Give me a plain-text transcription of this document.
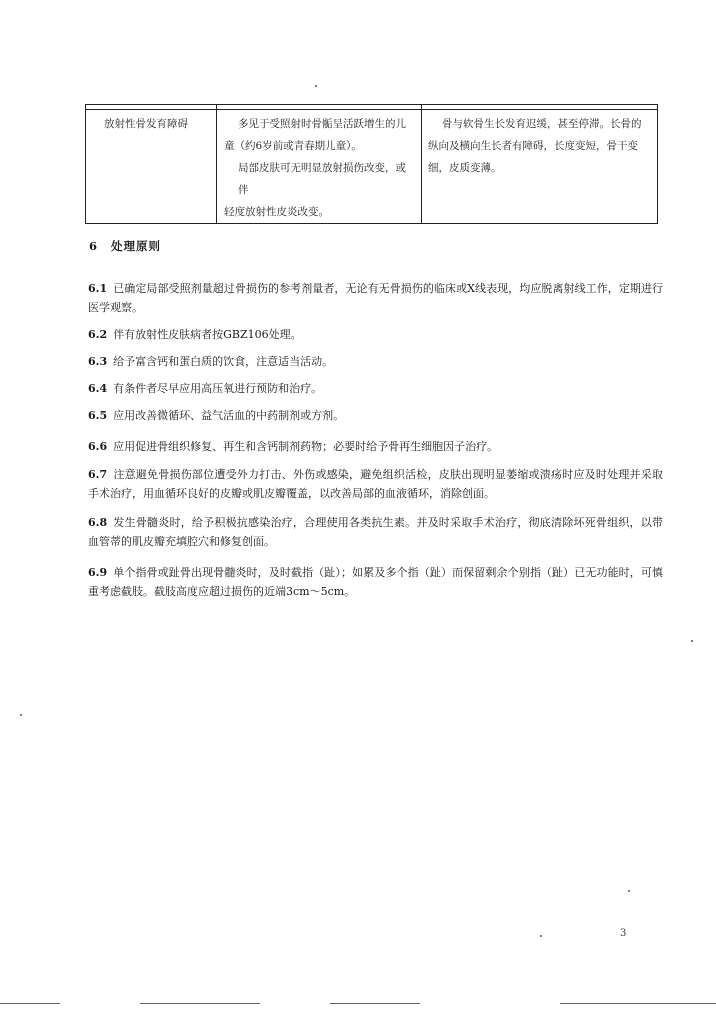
放射性骨发育障碍	多见于受照射时骨骺呈活跃增生的儿
童（约6岁前或青春期儿童）。
局部皮肤可无明显放射损伤改变，或伴
轻度放射性皮炎改变。
骨与软骨生长发育迟缓，甚至停滞。长骨的
纵向及横向生长者有障碍，长度变短，骨干变
细，皮质变薄。
6 处理原则
6.1 已确定局部受照剂量超过骨损伤的参考剂量者，无论有无骨损伤的临床或X线表现，均应脱离射线工作，定期进行医学观察。
6.2 伴有放射性皮肤病者按GBZ106处理。
6.3 给予富含钙和蛋白质的饮食，注意适当活动。
6.4 有条件者尽早应用高压氧进行预防和治疗。
6.5 应用改善微循环、益气活血的中药制剂或方剂。
6.6 应用促进骨组织修复、再生和含钙制剂药物；必要时给予骨再生细胞因子治疗。
6.7 注意避免骨损伤部位遭受外力打击、外伤或感染，避免组织活检，皮肤出现明显萎缩或溃疡时应及时处理并采取手术治疗，用血循环良好的皮瓣或肌皮瓣覆盖，以改善局部的血液循环，消除创面。
6.8 发生骨髓炎时，给予积极抗感染治疗，合理使用各类抗生素。并及时采取手术治疗，彻底清除坏死骨组织，以带血管蒂的肌皮瓣充填腔穴和修复创面。
6.9 单个指骨或趾骨出现骨髓炎时，及时截指（趾）；如累及多个指（趾）而保留剩余个别指（趾）已无功能时，可慎重考虑截肢。截肢高度应超过损伤的近端3cm～5cm。
3
